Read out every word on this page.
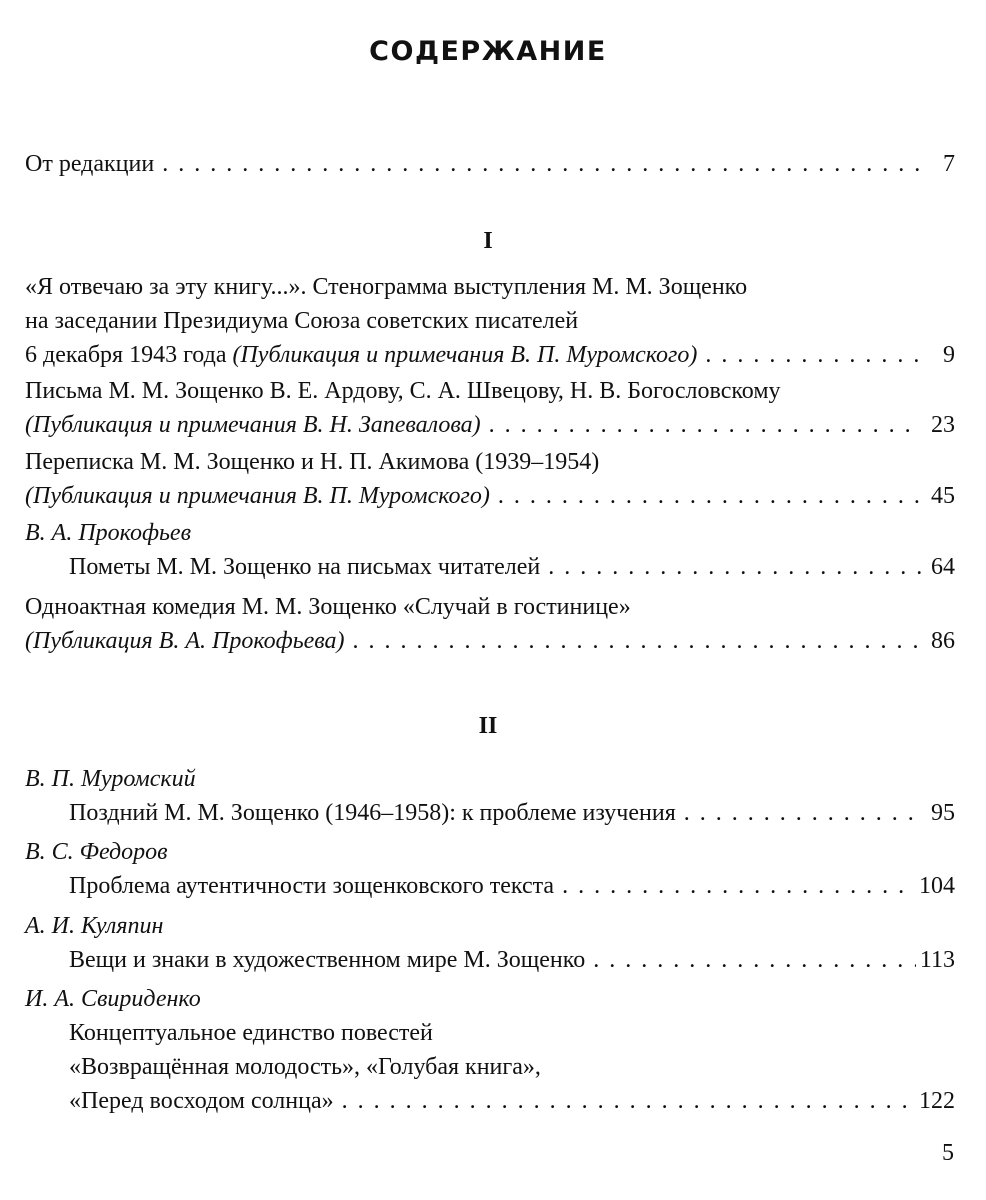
СОДЕРЖАНИЕ
От редакции . . .	7
I
«Я отвечаю за эту книгу...». Стенограмма выступления М. М. Зощенко
на заседании Президиума Союза советских писателей
6 декабря 1943 года
(Публикация и примечания В. П. Муромского) . . .	9
Письма М. М. Зощенко В. Е. Ардову, С. А. Швецову, Н. В. Богословскому
(Публикация и примечания В. Н. Запевалова) . . .	23
Переписка М. М. Зощенко и Н. П. Акимова (1939–1954)
(Публикация и примечания В. П. Муромского) . . .	45
В. А. Прокофьев
Пометы М. М. Зощенко на письмах читателей . . .	64
Одноактная комедия М. М. Зощенко «Случай в гостинице»
(Публикация В. А. Прокофьева) . . .	86
II
В. П. Муромский
Поздний М. М. Зощенко (1946–1958): к проблеме изучения . . .	95
В. С. Федоров
Проблема аутентичности зощенковского текста . . .	104
А. И. Куляпин
Вещи и знаки в художественном мире М. Зощенко . . .	113
И. А. Свириденко
Концептуальное единство повестей
«Возвращённая молодость», «Голубая книга»,
«Перед восходом солнца» . . .	122
5
